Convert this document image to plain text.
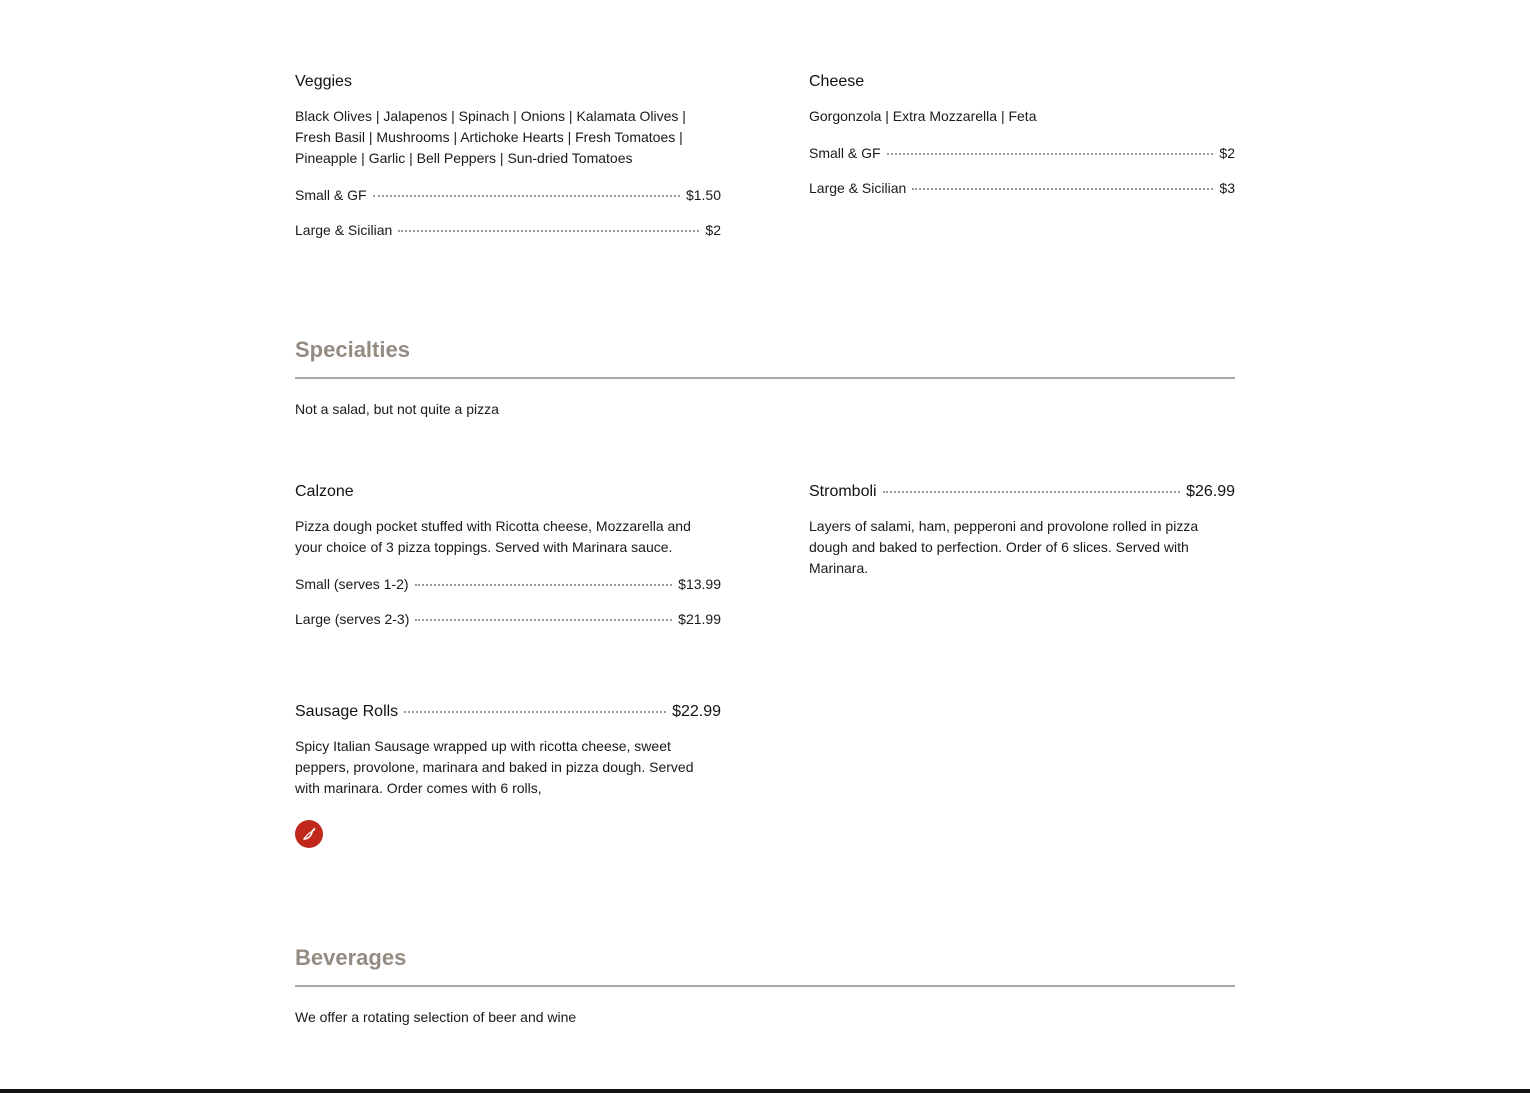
Veggies
Black Olives | Jalapenos | Spinach | Onions | Kalamata Olives | Fresh Basil | Mushrooms | Artichoke Hearts | Fresh Tomatoes | Pineapple | Garlic | Bell Peppers | Sun-dried Tomatoes
Small & GF	$1.50
Large & Sicilian	$2
Cheese
Gorgonzola | Extra Mozzarella | Feta
Small & GF	$2
Large & Sicilian	$3
Specialties
Not a salad, but not quite a pizza
Calzone
Pizza dough pocket stuffed with Ricotta cheese, Mozzarella and your choice of 3 pizza toppings. Served with Marinara sauce.
Small (serves 1-2)	$13.99
Large (serves 2-3)	$21.99
Stromboli	$26.99
Layers of salami, ham, pepperoni and provolone rolled in pizza dough and baked to perfection. Order of 6 slices. Served with Marinara.
Sausage Rolls	$22.99
Spicy Italian Sausage wrapped up with ricotta cheese, sweet peppers, provolone, marinara and baked in pizza dough. Served with marinara. Order comes with 6 rolls,
Beverages
We offer a rotating selection of beer and wine
